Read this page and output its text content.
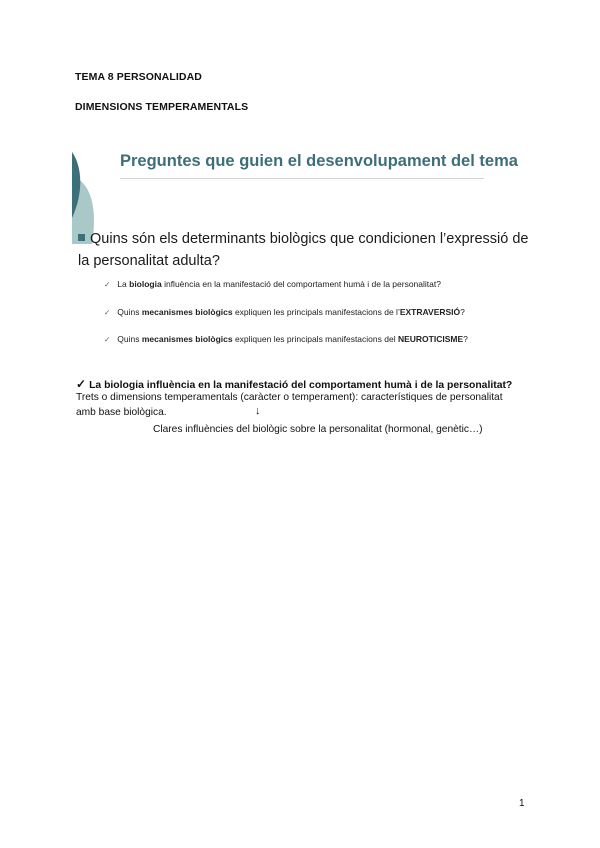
TEMA 8 PERSONALIDAD
DIMENSIONS TEMPERAMENTALS
Preguntes que guien el desenvolupament del tema
Quins són els determinants biològics que condicionen l’expressió de la personalitat adulta?
✓ La biologia influència en la manifestació del comportament humà i de la personalitat?
✓ Quins mecanismes biològics expliquen les principals manifestacions de l’EXTRAVERSIÓ?
✓ Quins mecanismes biològics expliquen les principals manifestacions del NEUROTICISME?
✓ La biologia influència en la manifestació del comportament humà i de la personalitat?
Trets o dimensions temperamentals (caràcter o temperament): característiques de personalitat
amb base biològica.	↓
Clares influències del biològic sobre la personalitat (hormonal, genètic…)
1
